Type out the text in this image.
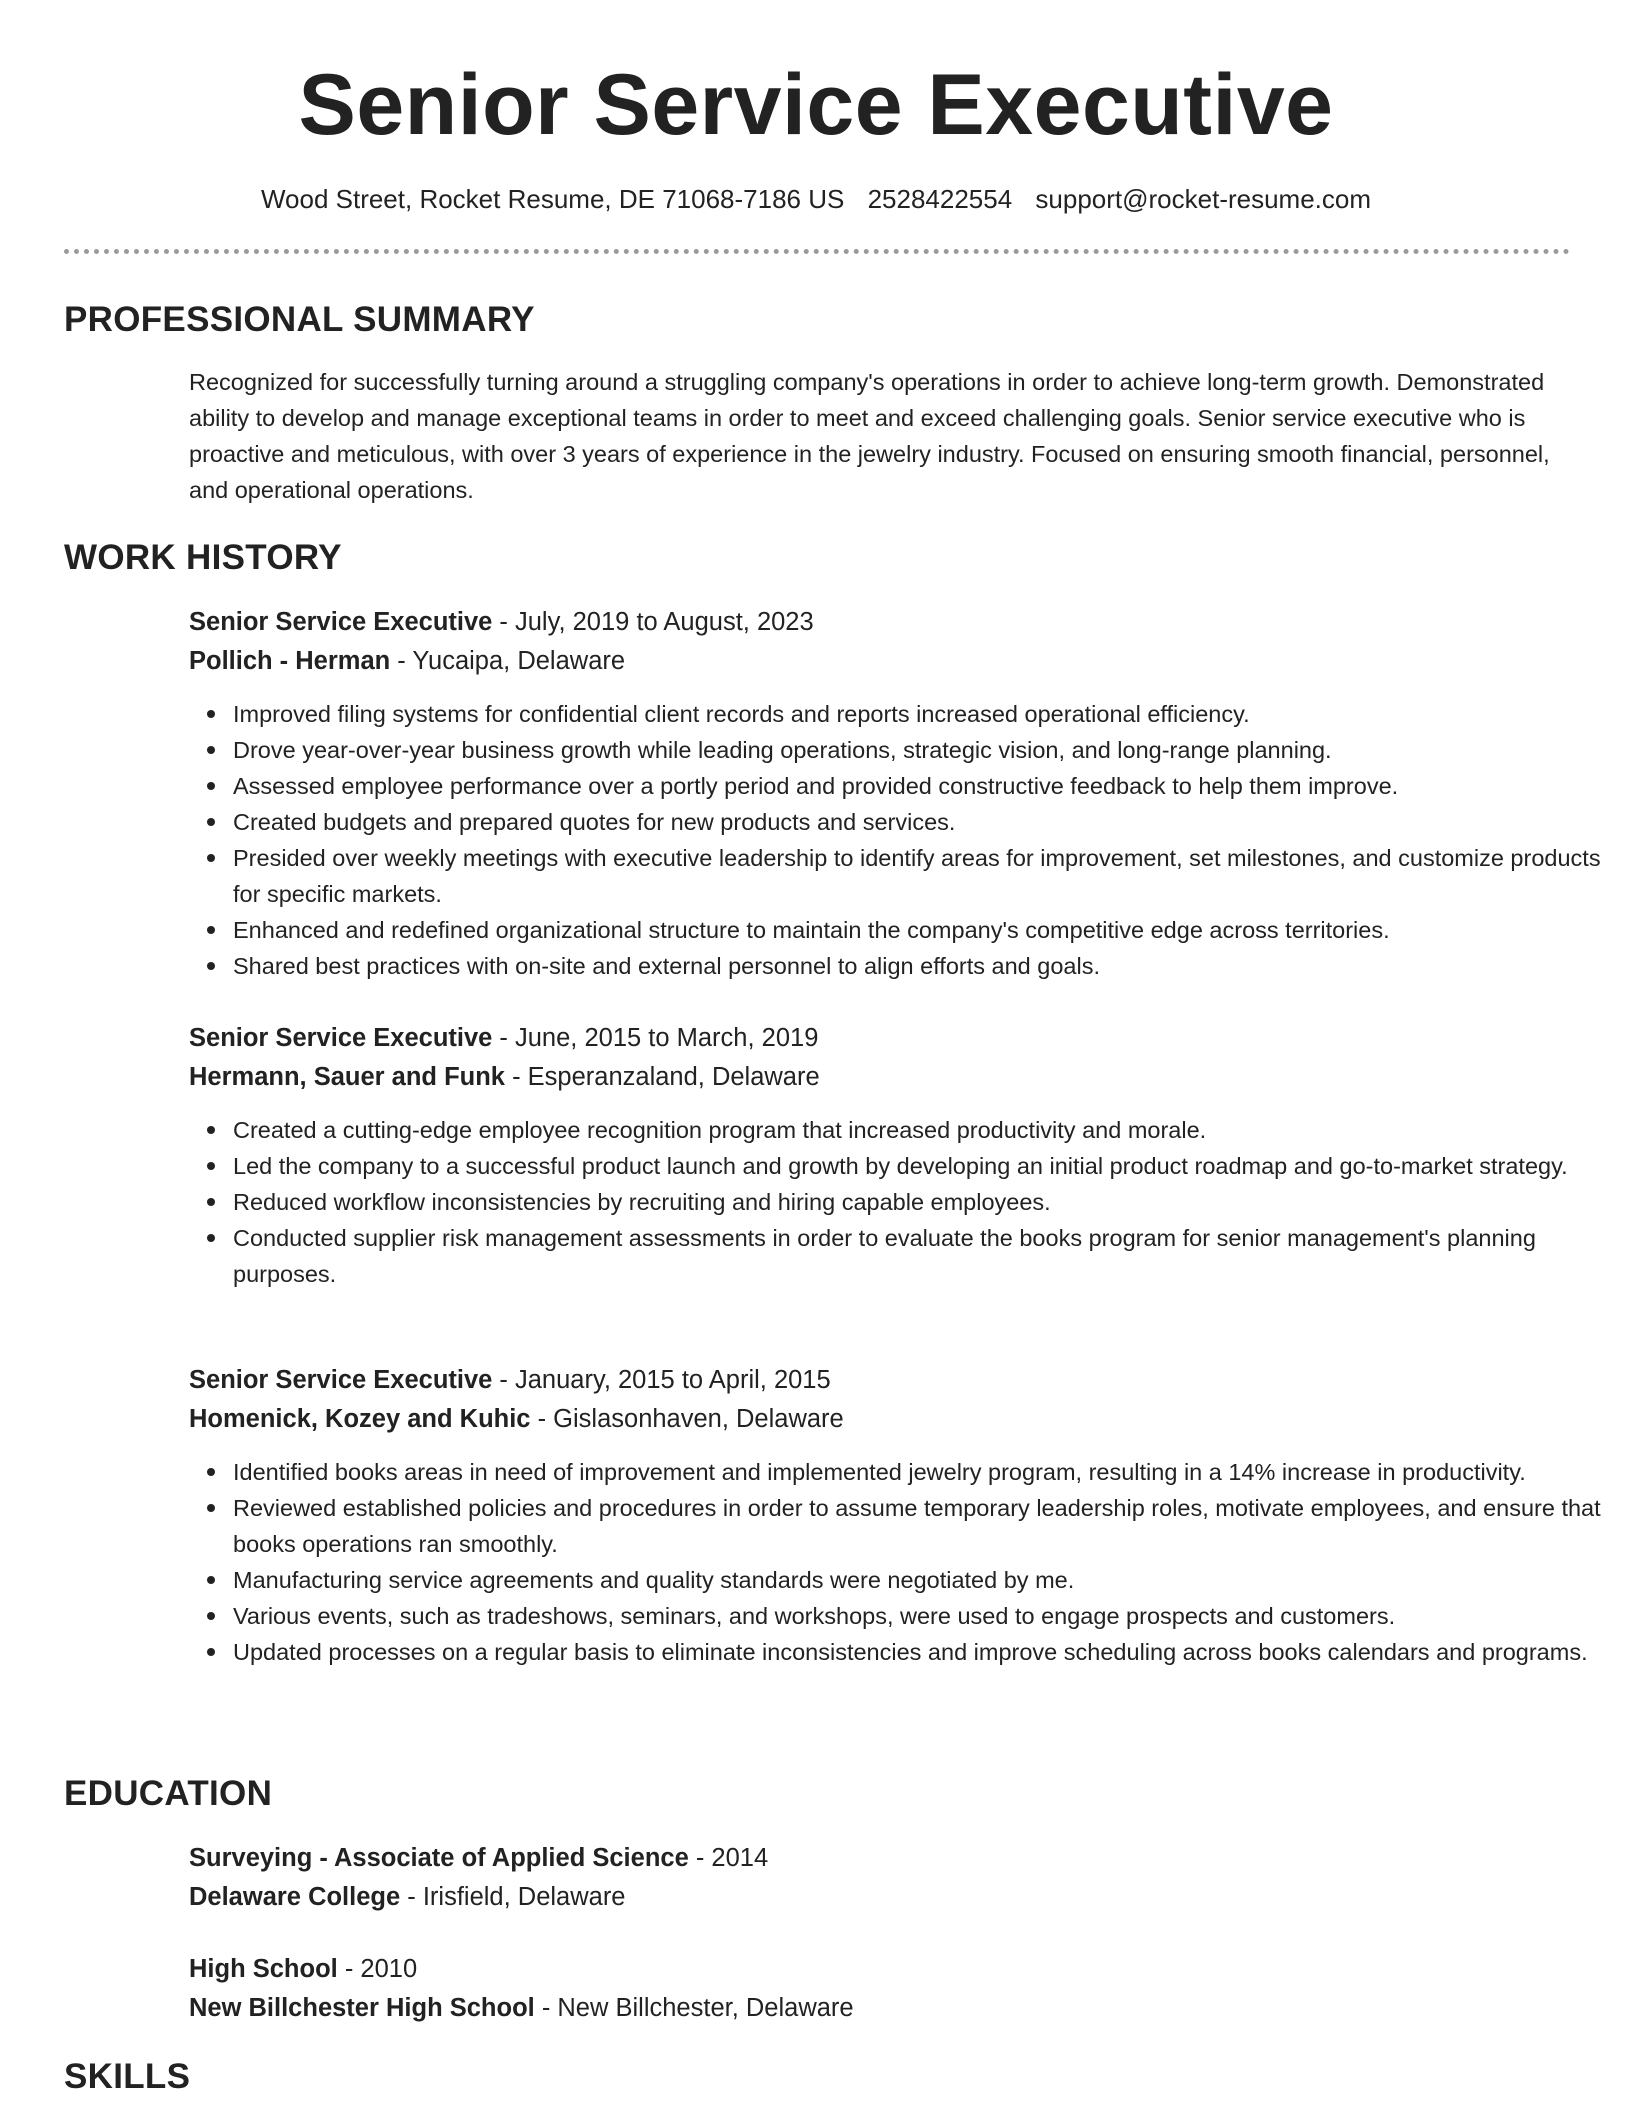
Senior Service Executive
Wood Street, Rocket Resume, DE 71068-7186 US 2528422554 support@rocket-resume.com
PROFESSIONAL SUMMARY
Recognized for successfully turning around a struggling company's operations in order to achieve long-term growth. Demonstrated ability to develop and manage exceptional teams in order to meet and exceed challenging goals. Senior service executive who is proactive and meticulous, with over 3 years of experience in the jewelry industry. Focused on ensuring smooth financial, personnel, and operational operations.
WORK HISTORY
Senior Service Executive - July, 2019 to August, 2023
Pollich - Herman - Yucaipa, Delaware
Improved filing systems for confidential client records and reports increased operational efficiency.
Drove year-over-year business growth while leading operations, strategic vision, and long-range planning.
Assessed employee performance over a portly period and provided constructive feedback to help them improve.
Created budgets and prepared quotes for new products and services.
Presided over weekly meetings with executive leadership to identify areas for improvement, set milestones, and customize products for specific markets.
Enhanced and redefined organizational structure to maintain the company's competitive edge across territories.
Shared best practices with on-site and external personnel to align efforts and goals.
Senior Service Executive - June, 2015 to March, 2019
Hermann, Sauer and Funk - Esperanzaland, Delaware
Created a cutting-edge employee recognition program that increased productivity and morale.
Led the company to a successful product launch and growth by developing an initial product roadmap and go-to-market strategy.
Reduced workflow inconsistencies by recruiting and hiring capable employees.
Conducted supplier risk management assessments in order to evaluate the books program for senior management's planning purposes.
Senior Service Executive - January, 2015 to April, 2015
Homenick, Kozey and Kuhic - Gislasonhaven, Delaware
Identified books areas in need of improvement and implemented jewelry program, resulting in a 14% increase in productivity.
Reviewed established policies and procedures in order to assume temporary leadership roles, motivate employees, and ensure that books operations ran smoothly.
Manufacturing service agreements and quality standards were negotiated by me.
Various events, such as tradeshows, seminars, and workshops, were used to engage prospects and customers.
Updated processes on a regular basis to eliminate inconsistencies and improve scheduling across books calendars and programs.
EDUCATION
Surveying - Associate of Applied Science - 2014
Delaware College - Irisfield, Delaware
High School - 2010
New Billchester High School - New Billchester, Delaware
SKILLS
